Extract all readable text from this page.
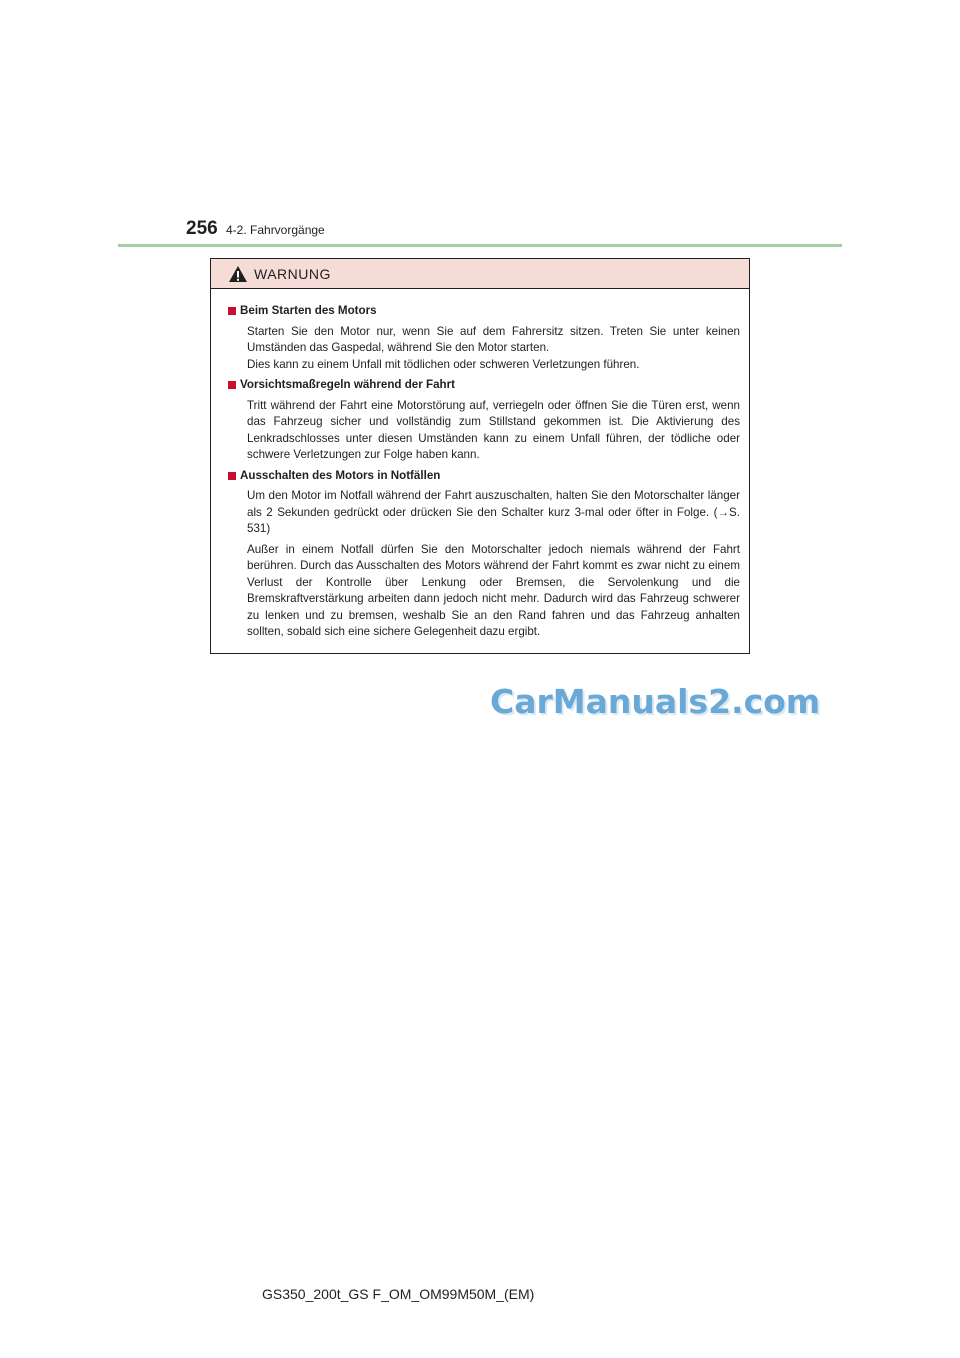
256 4-2. Fahrvorgänge
WARNUNG
Beim Starten des Motors
Starten Sie den Motor nur, wenn Sie auf dem Fahrersitz sitzen. Treten Sie unter keinen Umständen das Gaspedal, während Sie den Motor starten.
Dies kann zu einem Unfall mit tödlichen oder schweren Verletzungen führen.
Vorsichtsmaßregeln während der Fahrt
Tritt während der Fahrt eine Motorstörung auf, verriegeln oder öffnen Sie die Türen erst, wenn das Fahrzeug sicher und vollständig zum Stillstand gekommen ist. Die Aktivierung des Lenkradschlosses unter diesen Umständen kann zu einem Unfall führen, der tödliche oder schwere Verletzungen zur Folge haben kann.
Ausschalten des Motors in Notfällen
Um den Motor im Notfall während der Fahrt auszuschalten, halten Sie den Motorschalter länger als 2 Sekunden gedrückt oder drücken Sie den Schalter kurz 3-mal oder öfter in Folge. (→S. 531)
Außer in einem Notfall dürfen Sie den Motorschalter jedoch niemals während der Fahrt berühren. Durch das Ausschalten des Motors während der Fahrt kommt es zwar nicht zu einem Verlust der Kontrolle über Lenkung oder Bremsen, die Servolenkung und die Bremskraftverstärkung arbeiten dann jedoch nicht mehr. Dadurch wird das Fahrzeug schwerer zu lenken und zu bremsen, weshalb Sie an den Rand fahren und das Fahrzeug anhalten sollten, sobald sich eine sichere Gelegenheit dazu ergibt.
CarManuals2.com
GS350_200t_GS F_OM_OM99M50M_(EM)
